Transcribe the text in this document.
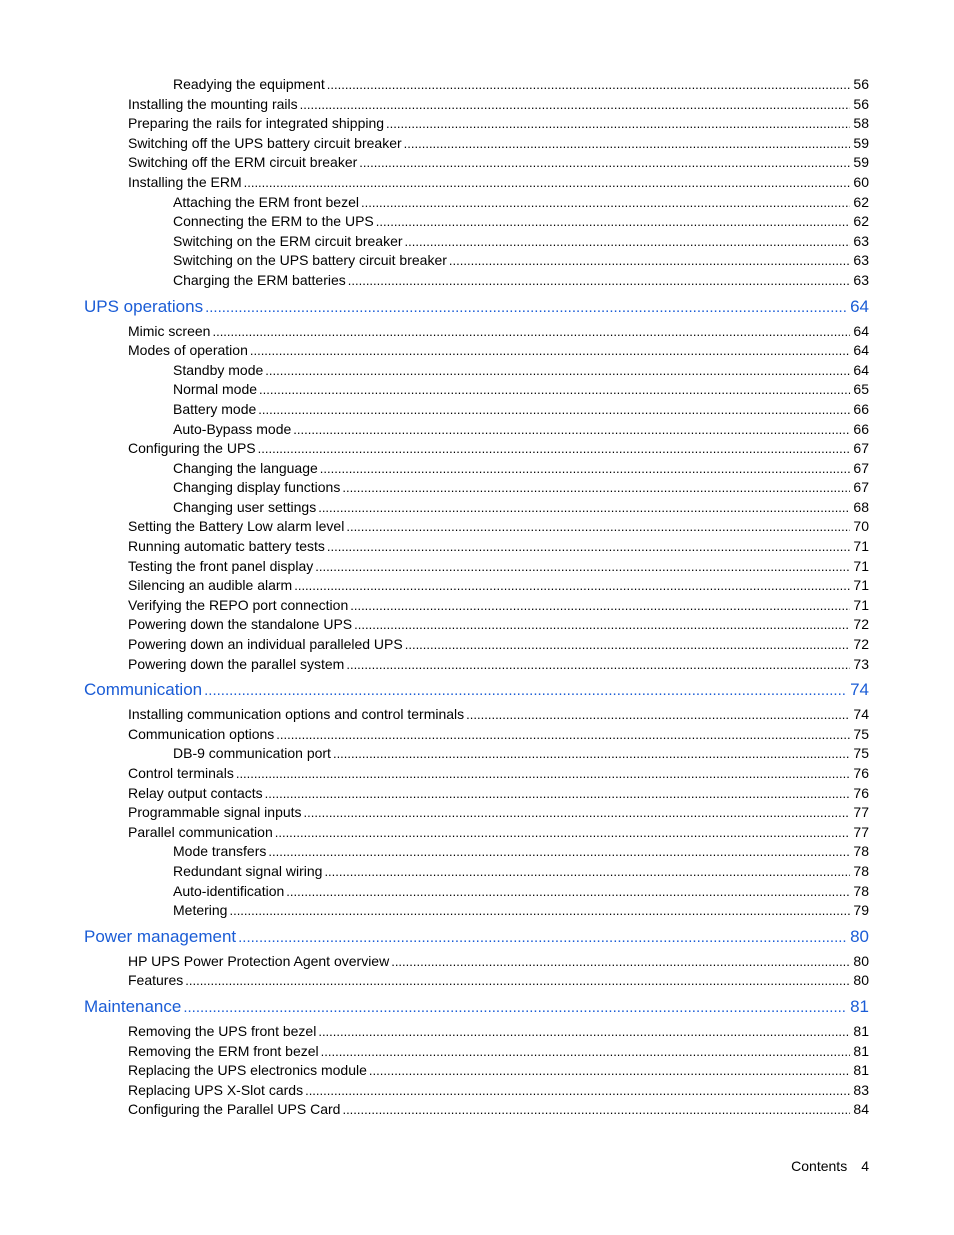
Readying the equipment .....	56
Installing the mounting rails .....	56
Preparing the rails for integrated shipping .....	58
Switching off the UPS battery circuit breaker .....	59
Switching off the ERM circuit breaker .....	59
Installing the ERM .....	60
Attaching the ERM front bezel .....	62
Connecting the ERM to the UPS .....	62
Switching on the ERM circuit breaker .....	63
Switching on the UPS battery circuit breaker .....	63
Charging the ERM batteries .....	63
UPS operations .....	64
Mimic screen .....	64
Modes of operation .....	64
Standby mode .....	64
Normal mode .....	65
Battery mode .....	66
Auto-Bypass mode .....	66
Configuring the UPS .....	67
Changing the language .....	67
Changing display functions .....	67
Changing user settings .....	68
Setting the Battery Low alarm level .....	70
Running automatic battery tests .....	71
Testing the front panel display .....	71
Silencing an audible alarm .....	71
Verifying the REPO port connection .....	71
Powering down the standalone UPS .....	72
Powering down an individual paralleled UPS .....	72
Powering down the parallel system .....	73
Communication .....	74
Installing communication options and control terminals .....	74
Communication options .....	75
DB-9 communication port .....	75
Control terminals .....	76
Relay output contacts .....	76
Programmable signal inputs .....	77
Parallel communication .....	77
Mode transfers .....	78
Redundant signal wiring .....	78
Auto-identification .....	78
Metering .....	79
Power management .....	80
HP UPS Power Protection Agent overview .....	80
Features .....	80
Maintenance .....	81
Removing the UPS front bezel .....	81
Removing the ERM front bezel .....	81
Replacing the UPS electronics module .....	81
Replacing UPS X-Slot cards .....	83
Configuring the Parallel UPS Card .....	84
Contents 4
